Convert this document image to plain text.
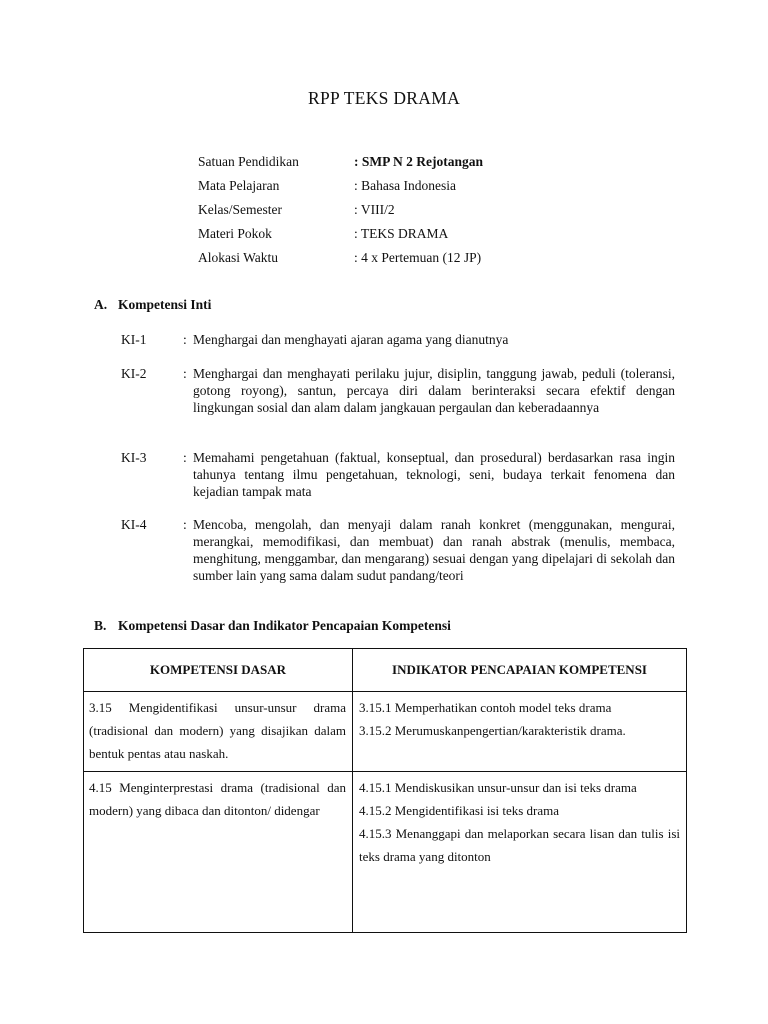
RPP TEKS DRAMA
Satuan Pendidikan	: SMP N 2 Rejotangan
Mata Pelajaran	: Bahasa Indonesia
Kelas/Semester	: VIII/2
Materi Pokok	: TEKS DRAMA
Alokasi Waktu	: 4 x Pertemuan (12 JP)
A. Kompetensi Inti
KI-1	: Menghargai dan menghayati ajaran agama yang dianutnya
KI-2	: Menghargai dan menghayati perilaku jujur, disiplin, tanggung jawab, peduli (toleransi, gotong royong), santun, percaya diri dalam berinteraksi secara efektif dengan lingkungan sosial dan alam dalam jangkauan pergaulan dan keberadaannya
KI-3	: Memahami pengetahuan (faktual, konseptual, dan prosedural) berdasarkan rasa ingin tahunya tentang ilmu pengetahuan, teknologi, seni, budaya terkait fenomena dan kejadian tampak mata
KI-4	: Mencoba, mengolah, dan menyaji dalam ranah konkret (menggunakan, mengurai, merangkai, memodifikasi, dan membuat) dan ranah abstrak (menulis, membaca, menghitung, menggambar, dan mengarang) sesuai dengan yang dipelajari di sekolah dan sumber lain yang sama dalam sudut pandang/teori
B. Kompetensi Dasar dan Indikator Pencapaian Kompetensi
KOMPETENSI DASAR	INDIKATOR PENCAPAIAN KOMPETENSI
3.15 Mengidentifikasi unsur-unsur drama (tradisional dan modern) yang disajikan dalam bentuk pentas atau naskah.	3.15.1 Memperhatikan contoh model teks drama
3.15.2 Merumuskanpengertian/karakteristik drama.

4.15 Menginterprestasi drama (tradisional dan modern) yang dibaca dan ditonton/ didengar	4.15.1 Mendiskusikan unsur-unsur dan isi teks drama
4.15.2 Mengidentifikasi isi teks drama
4.15.3 Menanggapi dan melaporkan secara lisan dan tulis isi teks drama yang ditonton
